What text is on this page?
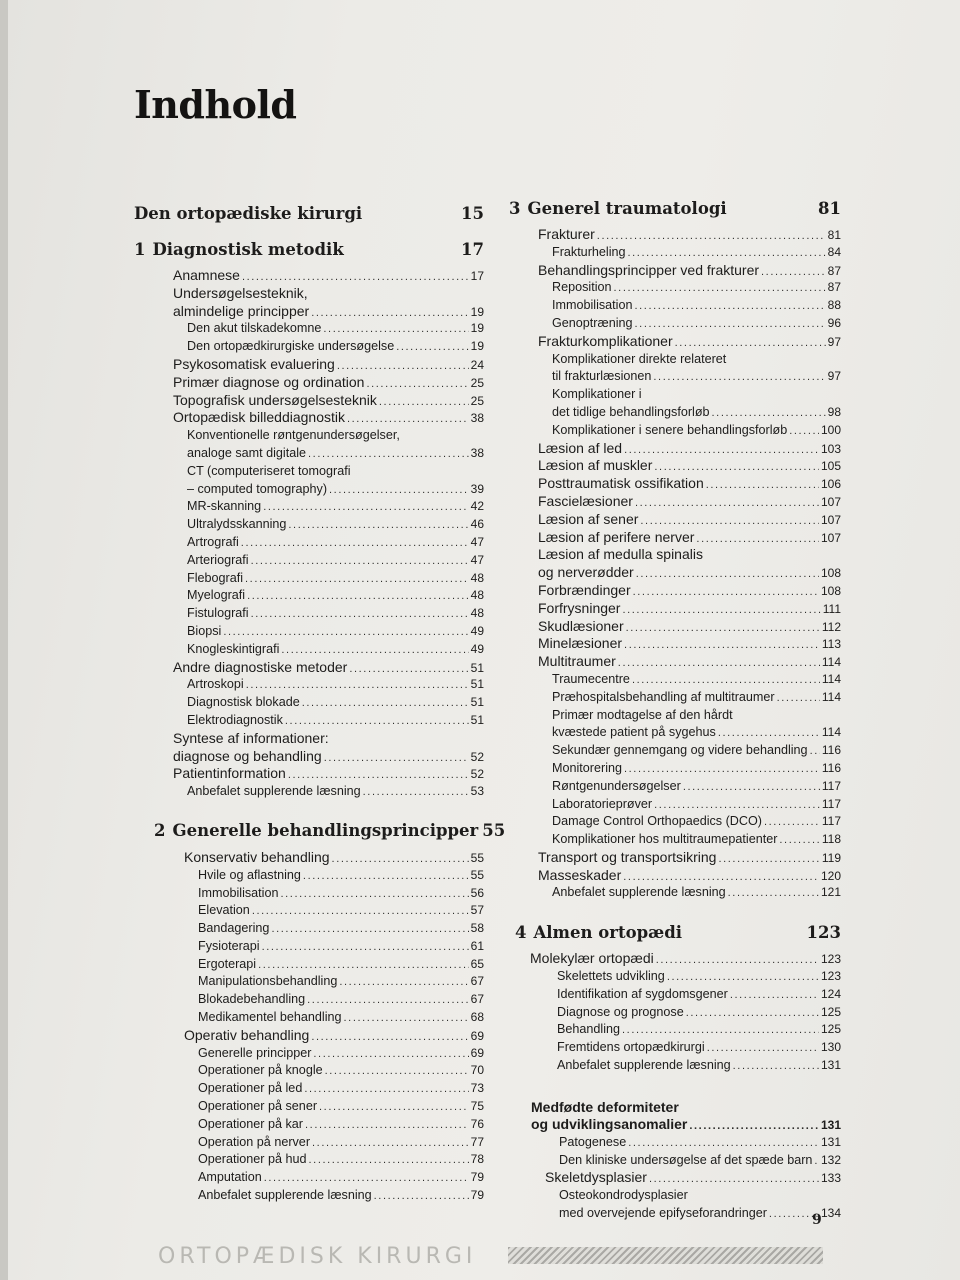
Indhold
Den ortopædiske kirurgi	15
1 Diagnostisk metodik	17
Anamnese .....	17
Undersøgelsesteknik,
almindelige principper .....	19
Den akut tilskadekomne .....	19
Den ortopædkirurgiske undersøgelse .....	19
Psykosomatisk evaluering .....	24
Primær diagnose og ordination .....	25
Topografisk undersøgelsesteknik .....	25
Ortopædisk billeddiagnostik .....	38
Konventionelle røntgenundersøgelser,
analoge samt digitale .....	38
CT (computeriseret tomografi
– computed tomography) .....	39
MR-skanning .....	42
Ultralydsskanning .....	46
Artrografi .....	47
Arteriografi .....	47
Flebografi .....	48
Myelografi .....	48
Fistulografi .....	48
Biopsi .....	49
Knogleskintigrafi .....	49
Andre diagnostiske metoder .....	51
Artroskopi .....	51
Diagnostisk blokade .....	51
Elektrodiagnostik .....	51
Syntese af informationer:
diagnose og behandling .....	52
Patientinformation .....	52
Anbefalet supplerende læsning .....	53
2 Generelle behandlingsprincipper 55
Konservativ behandling .....	55
Hvile og aflastning .....	55
Immobilisation .....	56
Elevation .....	57
Bandagering .....	58
Fysioterapi .....	61
Ergoterapi .....	65
Manipulationsbehandling .....	67
Blokadebehandling .....	67
Medikamentel behandling .....	68
Operativ behandling .....	69
Generelle principper .....	69
Operationer på knogle .....	70
Operationer på led .....	73
Operationer på sener .....	75
Operationer på kar .....	76
Operation på nerver .....	77
Operationer på hud .....	78
Amputation .....	79
Anbefalet supplerende læsning .....	79
3 Generel traumatologi	81
Frakturer .....	81
Frakturheling .....	84
Behandlingsprincipper ved frakturer .....	87
Reposition .....	87
Immobilisation .....	88
Genoptræning .....	96
Frakturkomplikationer .....	97
Komplikationer direkte relateret
til frakturlæsionen .....	97
Komplikationer i
det tidlige behandlingsforløb .....	98
Komplikationer i senere behandlingsforløb .....	100
Læsion af led .....	103
Læsion af muskler .....	105
Posttraumatisk ossifikation .....	106
Fascielæsioner .....	107
Læsion af sener .....	107
Læsion af perifere nerver .....	107
Læsion af medulla spinalis
og nerverødder .....	108
Forbrændinger .....	108
Forfrysninger .....	111
Skudlæsioner .....	112
Minelæsioner .....	113
Multitraumer .....	114
Traumecentre .....	114
Præhospitalsbehandling af multitraumer .....	114
Primær modtagelse af den hårdt
kvæstede patient på sygehus .....	114
Sekundær gennemgang og videre behandling ..... 116
Monitorering .....	116
Røntgenundersøgelser .....	117
Laboratorieprøver .....	117
Damage Control Orthopaedics (DCO) .....	117
Komplikationer hos multitraumepatienter .....	118
Transport og transportsikring .....	119
Masseskader .....	120
Anbefalet supplerende læsning .....	121
4 Almen ortopædi	123
Molekylær ortopædi .....	123
Skelettets udvikling .....	123
Identifikation af sygdomsgener .....	124
Diagnose og prognose .....	125
Behandling .....	125
Fremtidens ortopædkirurgi .....	130
Anbefalet supplerende læsning .....	131
Medfødte deformiteter
og udviklingsanomalier .....	131
Patogenese .....	131
Den kliniske undersøgelse af det spæde barn ..... 132
Skeletdysplasier .....	133
Osteokondrodysplasier
med overvejende epifyseforandringer .....	134
9
ORTOPÆDISK KIRURGI
